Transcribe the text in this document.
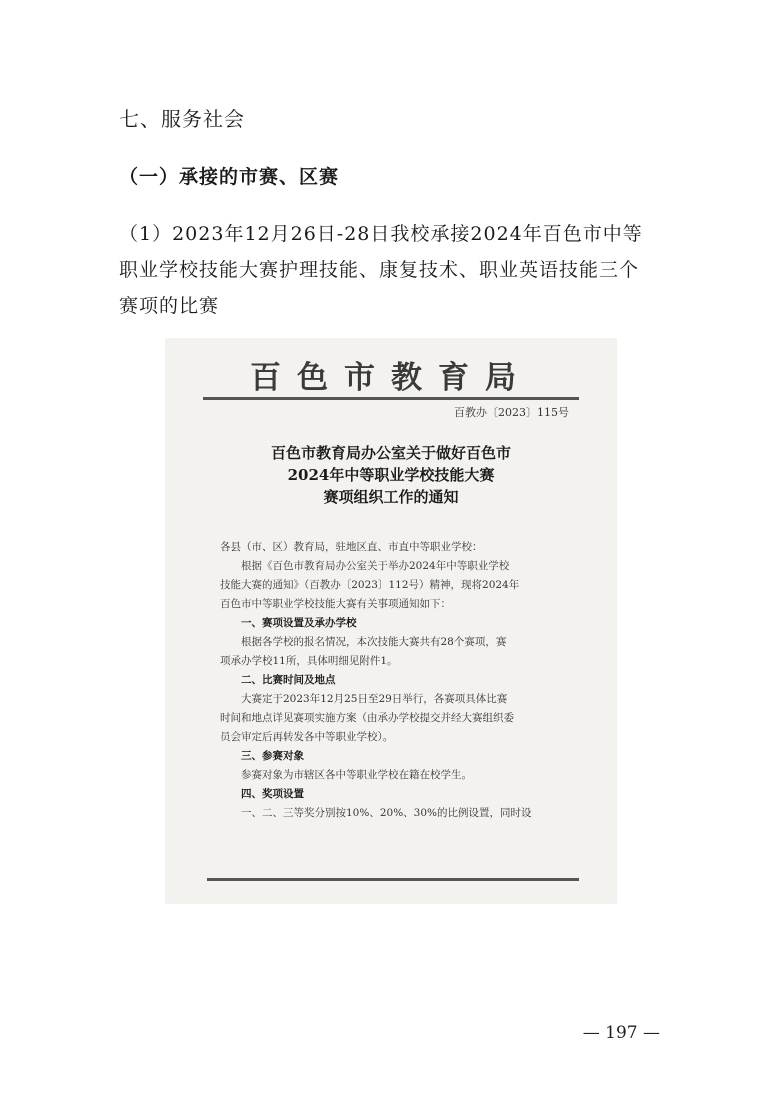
七、服务社会
（一）承接的市赛、区赛

（1）2023年12月26日-28日我校承接2024年百色市中等
职业学校技能大赛护理技能、康复技术、职业英语技能三个
赛项的比赛

百色市教育局
百教办〔2023〕115号
百色市教育局办公室关于做好百色市
2024年中等职业学校技能大赛
赛项组织工作的通知
各县（市、区）教育局，驻地区直、市直中等职业学校：
根据《百色市教育局办公室关于举办2024年中等职业学校
技能大赛的通知》（百教办〔2023〕112号）精神，现将2024年
百色市中等职业学校技能大赛有关事项通知如下：
一、赛项设置及承办学校
根据各学校的报名情况，本次技能大赛共有28个赛项，赛
项承办学校11所，具体明细见附件1。
二、比赛时间及地点
大赛定于2023年12月25日至29日举行，各赛项具体比赛
时间和地点详见赛项实施方案（由承办学校提交并经大赛组织委
员会审定后再转发各中等职业学校）。
三、参赛对象
参赛对象为市辖区各中等职业学校在籍在校学生。
四、奖项设置
一、二、三等奖分别按10%、20%、30%的比例设置，同时设
— 197 —
